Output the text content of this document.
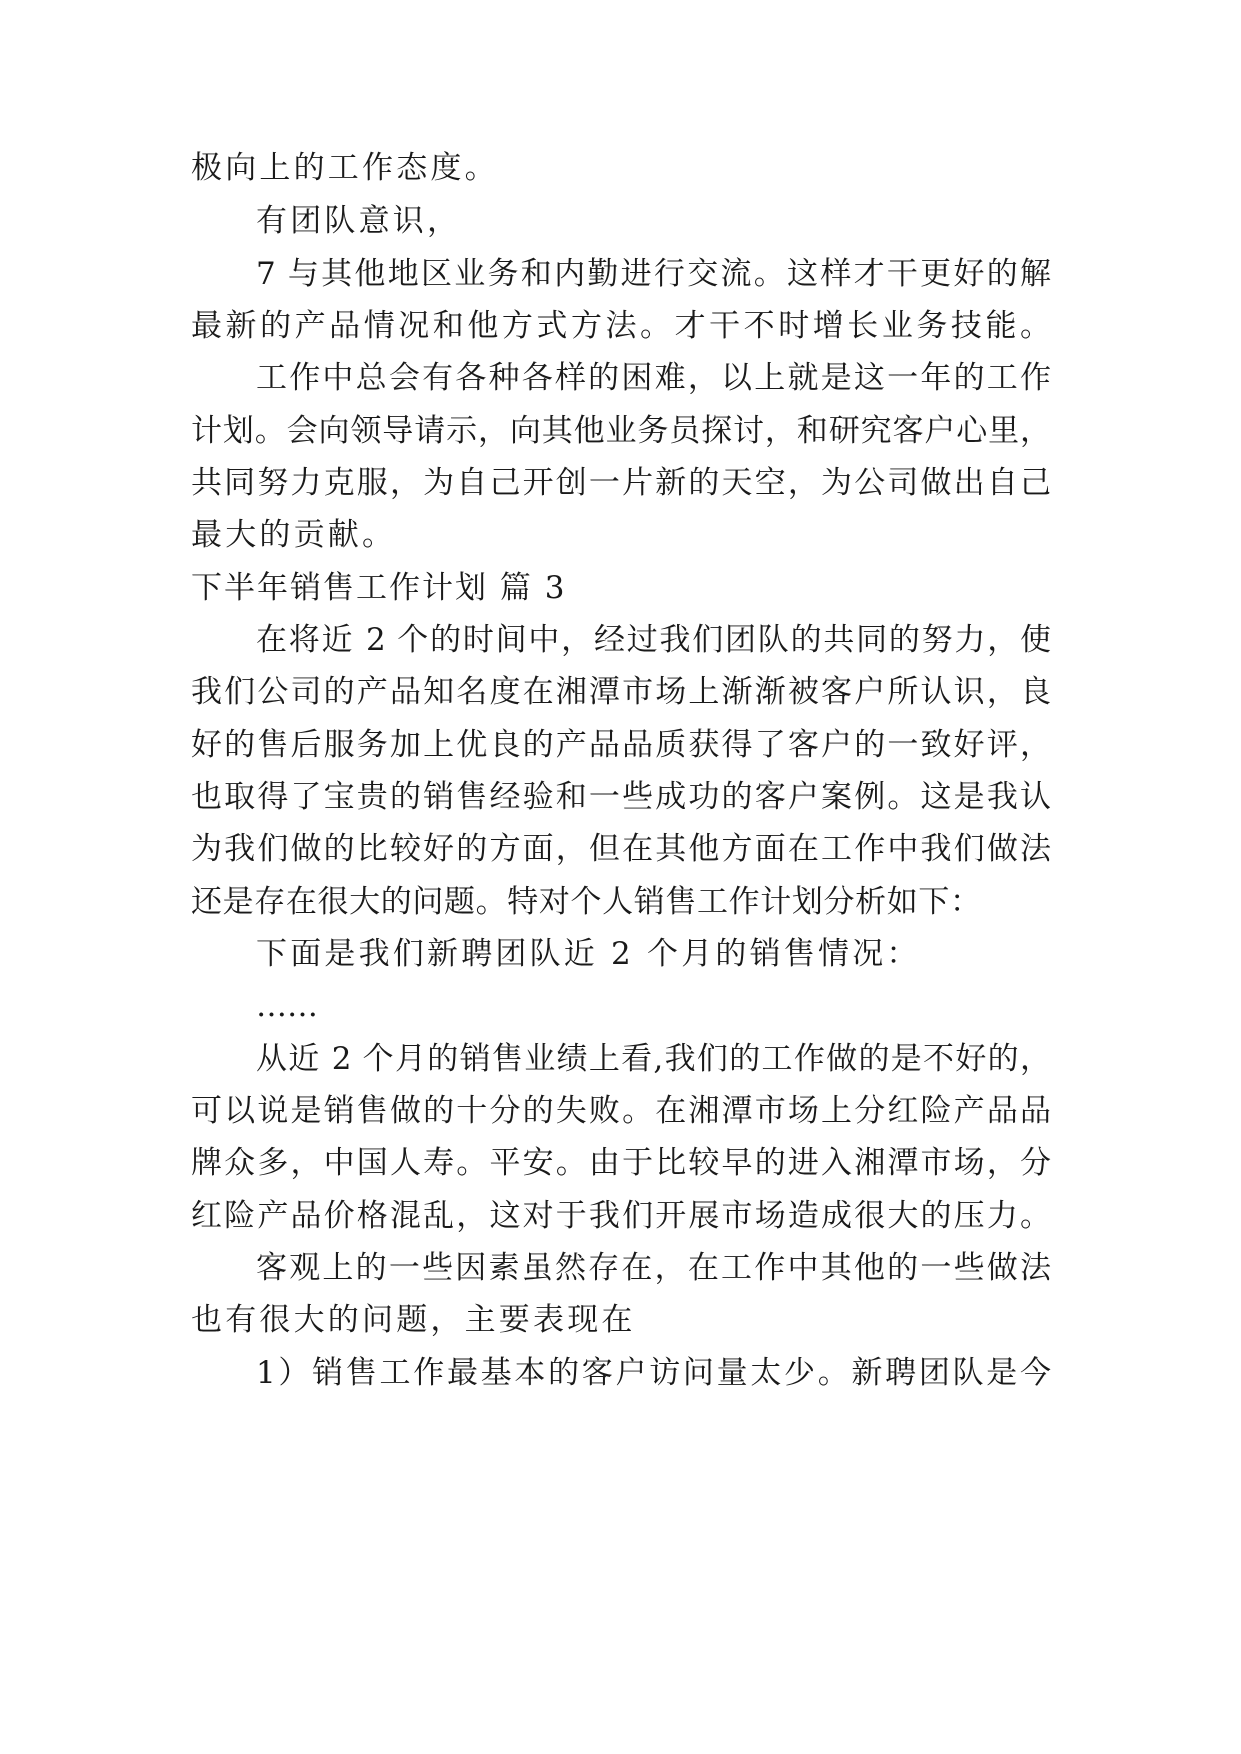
极向上的工作态度。
有团队意识，
7 与其他地区业务和内勤进行交流。这样才干更好的解
最新的产品情况和他方式方法。才干不时增长业务技能。
工作中总会有各种各样的困难，以上就是这一年的工作
计划。会向领导请示，向其他业务员探讨，和研究客户心里，
共同努力克服，为自己开创一片新的天空，为公司做出自己
最大的贡献。
下半年销售工作计划 篇 3
在将近 2 个的时间中，经过我们团队的共同的努力，使
我们公司的产品知名度在湘潭市场上渐渐被客户所认识，良
好的售后服务加上优良的产品品质获得了客户的一致好评，
也取得了宝贵的销售经验和一些成功的客户案例。这是我认
为我们做的比较好的方面，但在其他方面在工作中我们做法
还是存在很大的问题。特对个人销售工作计划分析如下：
下面是我们新聘团队近 2 个月的销售情况：
……
从近 2 个月的销售业绩上看,我们的工作做的是不好的，
可以说是销售做的十分的失败。在湘潭市场上分红险产品品
牌众多，中国人寿。平安。由于比较早的进入湘潭市场，分
红险产品价格混乱，这对于我们开展市场造成很大的压力。
客观上的一些因素虽然存在，在工作中其他的一些做法
也有很大的问题，主要表现在
1）销售工作最基本的客户访问量太少。新聘团队是今
